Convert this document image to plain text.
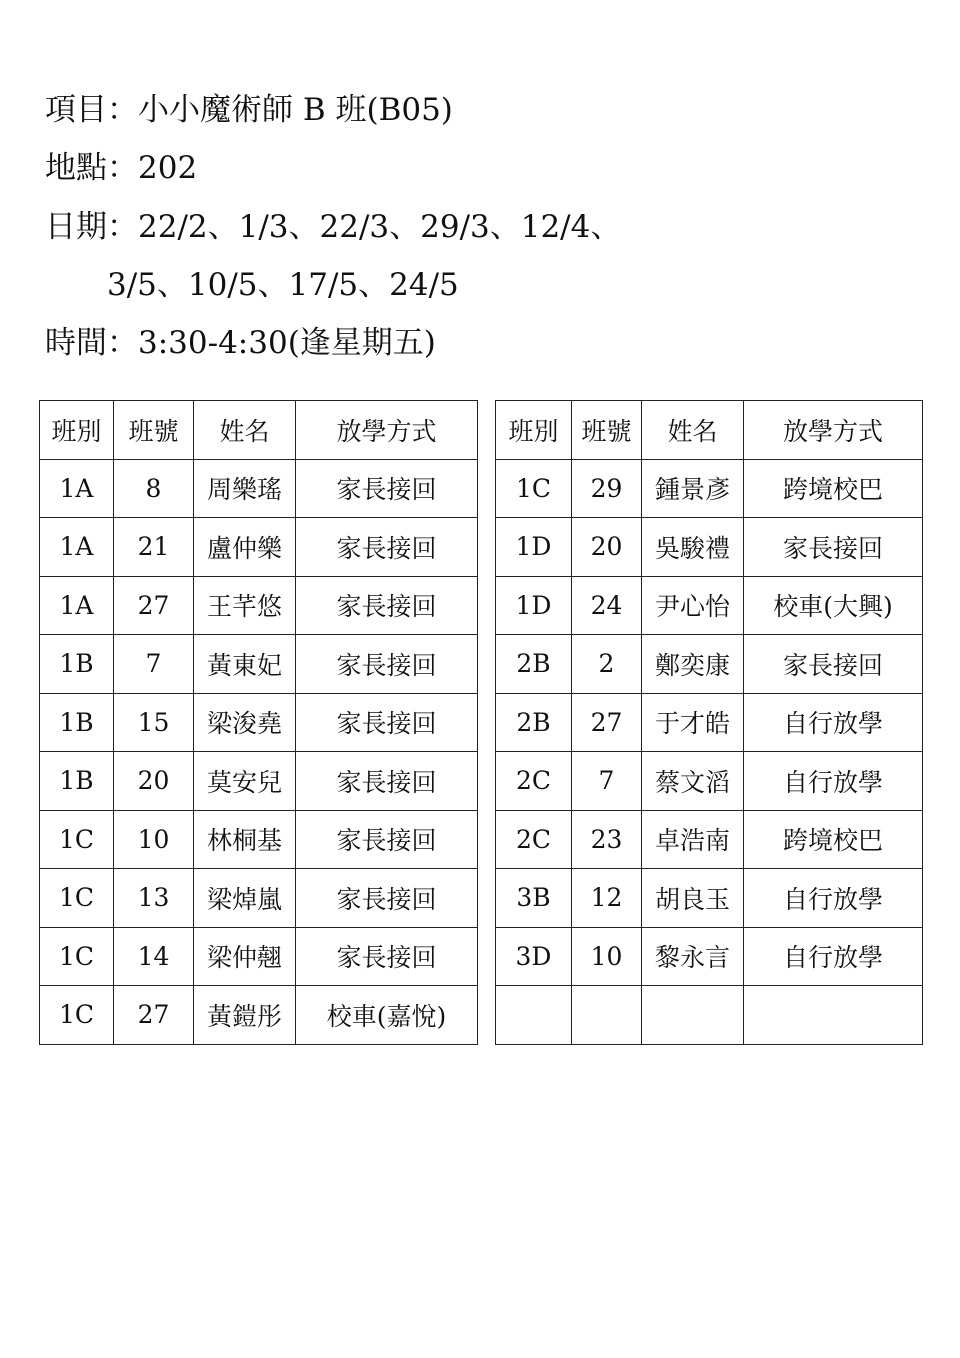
項目：小小魔術師 B 班(B05)
地點：202
日期：22/2、1/3、22/3、29/3、12/4、
3/5、10/5、17/5、24/5
時間：3:30-4:30(逢星期五)
班別	班號	姓名	放學方式
1A	8	周樂瑤	家長接回
1A	21	盧仲樂	家長接回
1A	27	王芊悠	家長接回
1B	7	黃東妃	家長接回
1B	15	梁浚堯	家長接回
1B	20	莫安兒	家長接回
1C	10	林桐基	家長接回
1C	13	梁焯嵐	家長接回
1C	14	梁仲翹	家長接回
1C	27	黃鎧彤	校車(嘉悅)
班別	班號	姓名	放學方式
1C	29	鍾景彥	跨境校巴
1D	20	吳駿禮	家長接回
1D	24	尹心怡	校車(大興)
2B	2	鄭奕康	家長接回
2B	27	于才皓	自行放學
2C	7	蔡文滔	自行放學
2C	23	卓浩南	跨境校巴
3B	12	胡良玉	自行放學
3D	10	黎永言	自行放學
